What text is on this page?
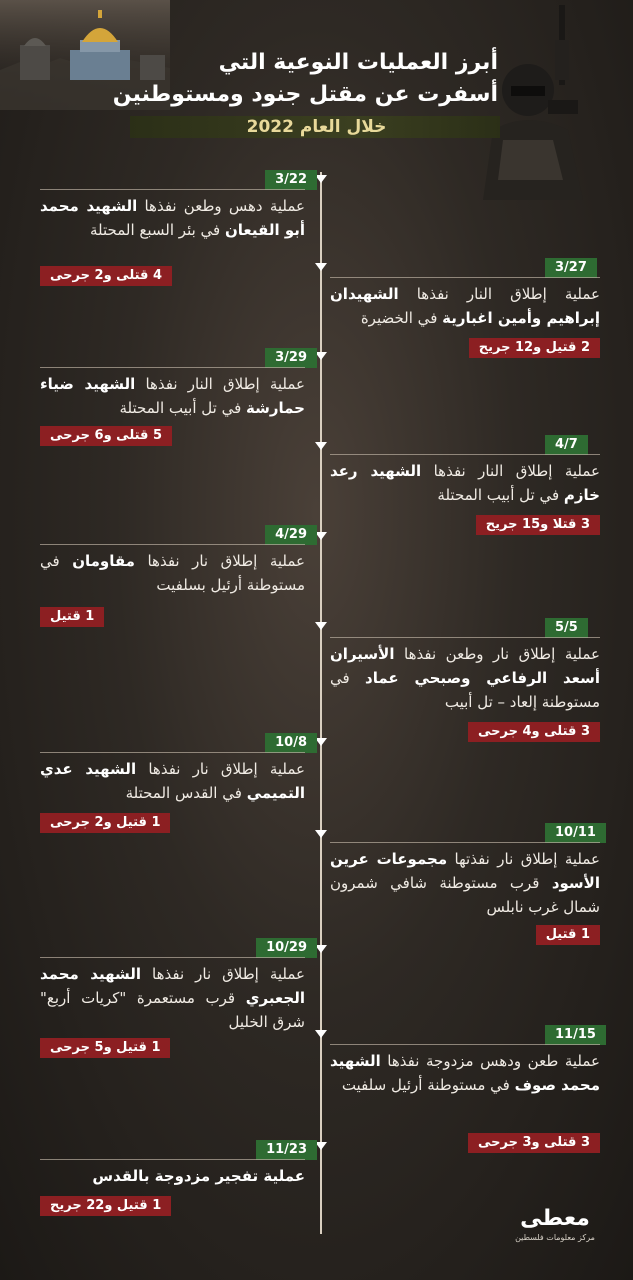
أبرز العمليات النوعية التي
أسفرت عن مقتل جنود ومستوطنين
خلال العام 2022
3/22
عملية دهس وطعن نفذها الشهيد محمد أبو القيعان في بئر السبع المحتلة
4 قتلى و2 جرحى
3/27
عملية إطلاق النار نفذها الشهيدان إبراهيم وأمين اغبارية في الخضيرة
2 قتيل و12 جريح
3/29
عملية إطلاق النار نفذها الشهيد ضياء حمارشة في تل أبيب المحتلة
5 قتلى و6 جرحى
4/7
عملية إطلاق النار نفذها الشهيد رعد خازم في تل أبيب المحتلة
3 قتلا و15 جريح
4/29
عملية إطلاق نار نفذها مقاومان في مستوطنة أرئيل بسلفيت
1 قتيل
5/5
عملية إطلاق نار وطعن نفذها الأسيران أسعد الرفاعي وصبحي عماد في مستوطنة إلعاد – تل أبيب
3 قتلى و4 جرحى
10/8
عملية إطلاق نار نفذها الشهيد عدي التميمي في القدس المحتلة
1 قتيل و2 جرحى
10/11
عملية إطلاق نار نفذتها مجموعات عرين الأسود قرب مستوطنة شافي شمرون شمال غرب نابلس
1 قتيل
10/29
عملية إطلاق نار نفذها الشهيد محمد الجعبري قرب مستعمرة "كريات أربع" شرق الخليل
1 قتيل و5 جرحى
11/15
عملية طعن ودهس مزدوجة نفذها الشهيد محمد صوف في مستوطنة أرئيل سلفيت
3 قتلى و3 جرحى
11/23
عملية تفجير مزدوجة بالقدس
1 قتيل و22 جريح
معطى
مركز معلومات فلسطين
